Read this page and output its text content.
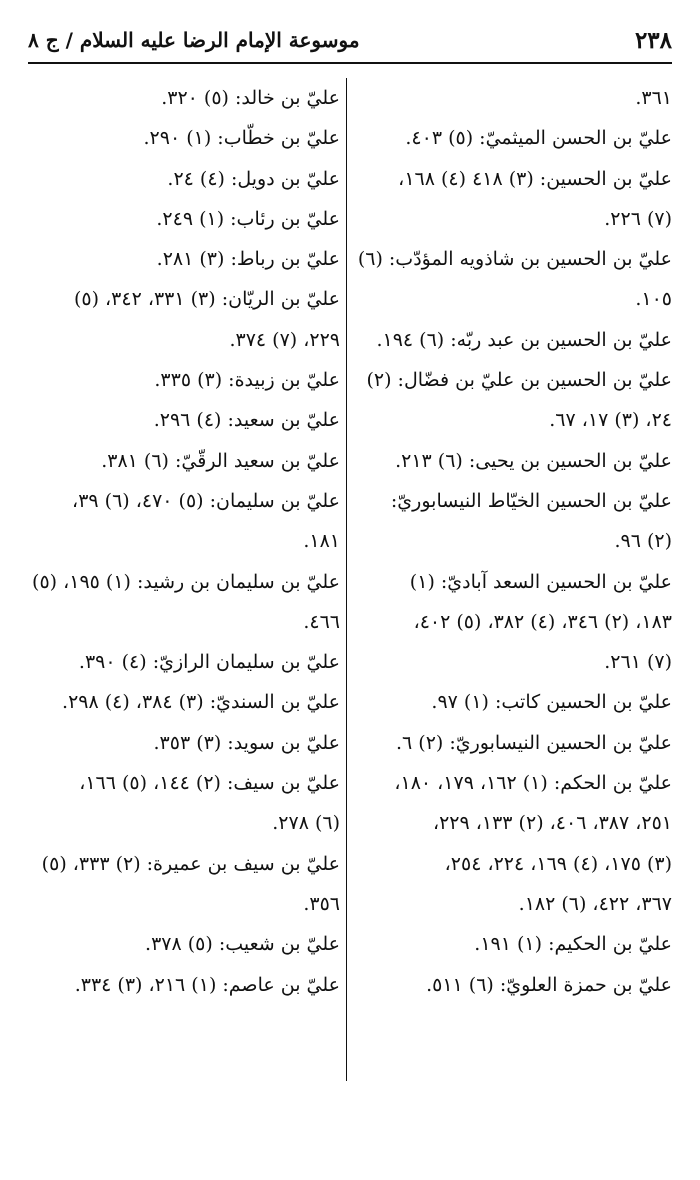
٢٣٨
موسوعة الإمام الرضا عليه السلام / ج ٨
٣٦١.
عليّ بن الحسن الميثميّ: (٥) ٤٠٣.
عليّ بن الحسين: (٣) ٤١٨ (٤) ١٦٨،
(٧) ٢٢٦.
عليّ بن الحسين بن شاذويه المؤدّب: (٦)
١٠٥.
عليّ بن الحسين بن عبد ربّه: (٦) ١٩٤.
عليّ بن الحسين بن عليّ بن فضّال: (٢)
٢٤، (٣) ١٧، ٦٧.
عليّ بن الحسين بن يحيى: (٦) ٢١٣.
عليّ بن الحسين الخيّاط النيسابوريّ:
(٢) ٩٦.
عليّ بن الحسين السعد آباديّ: (١)
١٨٣، (٢) ٣٤٦، (٤) ٣٨٢، (٥) ٤٠٢،
(٧) ٢٦١.
عليّ بن الحسين كاتب: (١) ٩٧.
عليّ بن الحسين النيسابوريّ: (٢) ٦.
عليّ بن الحكم: (١) ١٦٢، ١٧٩، ١٨٠،
٢٥١، ٣٨٧، ٤٠٦، (٢) ١٣٣، ٢٢٩،
(٣) ١٧٥، (٤) ١٦٩، ٢٢٤، ٢٥٤،
٣٦٧، ٤٢٢، (٦) ١٨٢.
عليّ بن الحكيم: (١) ١٩١.
عليّ بن حمزة العلويّ: (٦) ٥١١.
عليّ بن خالد: (٥) ٣٢٠.
عليّ بن خطّاب: (١) ٢٩٠.
عليّ بن دويل: (٤) ٢٤.
عليّ بن رئاب: (١) ٢٤٩.
عليّ بن رباط: (٣) ٢٨١.
عليّ بن الريّان: (٣) ٣٣١، ٣٤٢، (٥)
٢٢٩، (٧) ٣٧٤.
عليّ بن زبيدة: (٣) ٣٣٥.
عليّ بن سعيد: (٤) ٢٩٦.
عليّ بن سعيد الرقّيّ: (٦) ٣٨١.
عليّ بن سليمان: (٥) ٤٧٠، (٦) ٣٩،
١٨١.
عليّ بن سليمان بن رشيد: (١) ١٩٥، (٥)
٤٦٦.
عليّ بن سليمان الرازيّ: (٤) ٣٩٠.
عليّ بن السنديّ: (٣) ٣٨٤، (٤) ٢٩٨.
عليّ بن سويد: (٣) ٣٥٣.
عليّ بن سيف: (٢) ١٤٤، (٥) ١٦٦،
(٦) ٢٧٨.
عليّ بن سيف بن عميرة: (٢) ٣٣٣، (٥)
٣٥٦.
عليّ بن شعيب: (٥) ٣٧٨.
عليّ بن عاصم: (١) ٢١٦، (٣) ٣٣٤.
